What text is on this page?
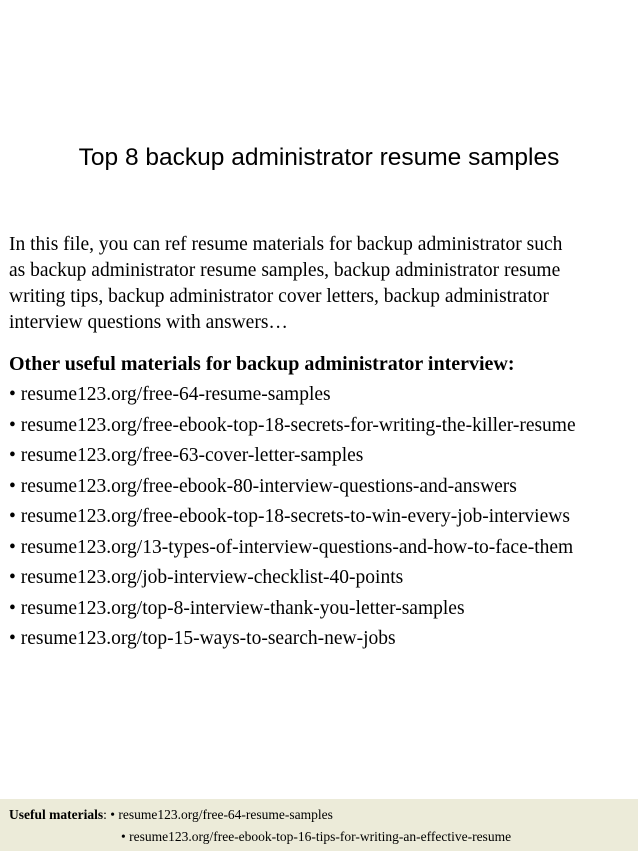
Top 8 backup administrator resume samples
In this file, you can ref resume materials for backup administrator such
as backup administrator resume samples, backup administrator resume
writing tips, backup administrator cover letters, backup administrator
interview questions with answers…
Other useful materials for backup administrator interview:
• resume123.org/free-64-resume-samples
• resume123.org/free-ebook-top-18-secrets-for-writing-the-killer-resume
• resume123.org/free-63-cover-letter-samples
• resume123.org/free-ebook-80-interview-questions-and-answers
• resume123.org/free-ebook-top-18-secrets-to-win-every-job-interviews
• resume123.org/13-types-of-interview-questions-and-how-to-face-them
• resume123.org/job-interview-checklist-40-points
• resume123.org/top-8-interview-thank-you-letter-samples
• resume123.org/top-15-ways-to-search-new-jobs
Useful materials: • resume123.org/free-64-resume-samples
• resume123.org/free-ebook-top-16-tips-for-writing-an-effective-resume
